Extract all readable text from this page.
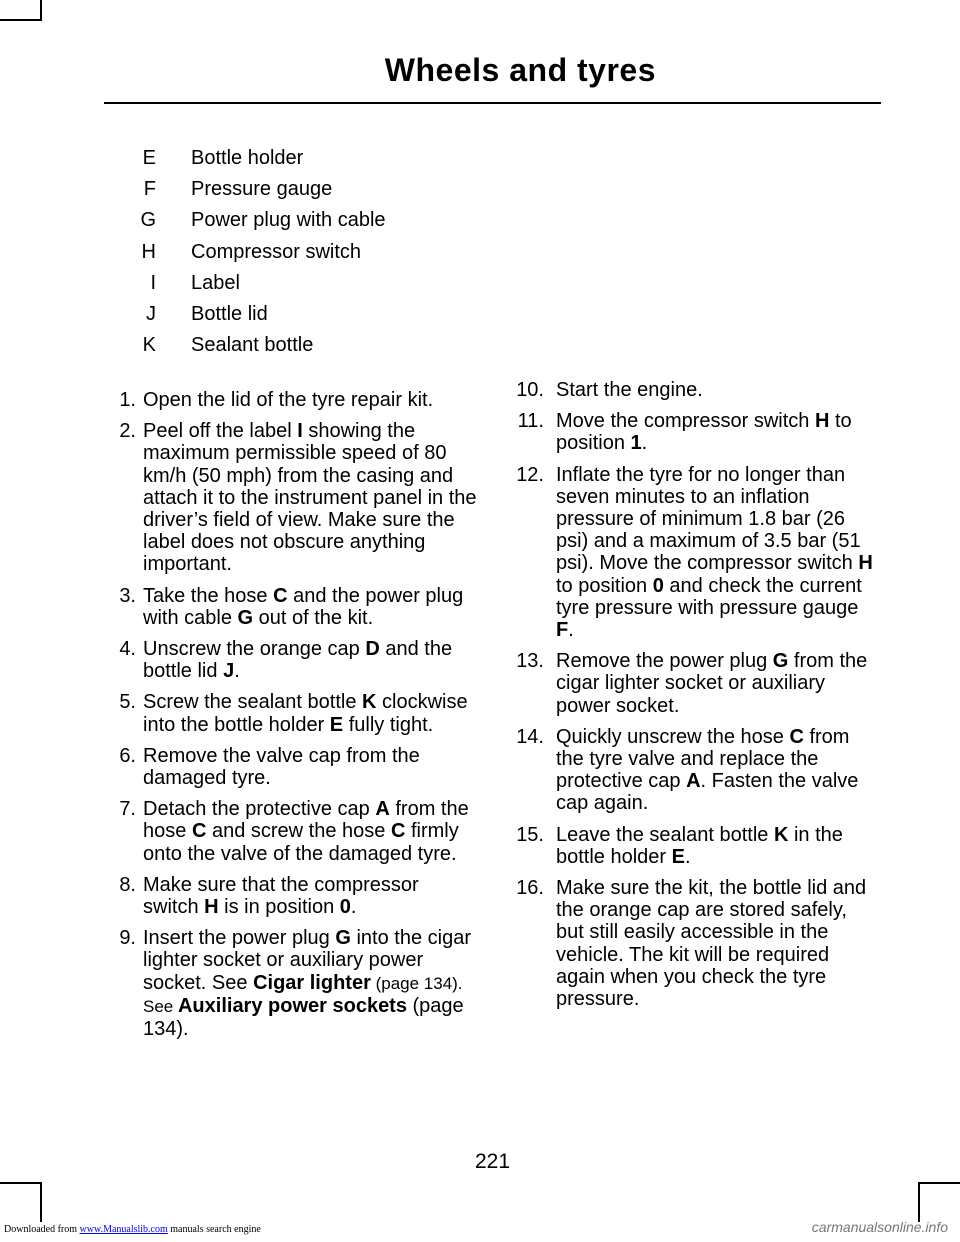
Wheels and tyres
E Bottle holder
F Pressure gauge
G Power plug with cable
H Compressor switch
I Label
J Bottle lid
K Sealant bottle
1. Open the lid of the tyre repair kit.
2. Peel off the label I showing the maximum permissible speed of 80 km/h (50 mph) from the casing and attach it to the instrument panel in the driver’s field of view. Make sure the label does not obscure anything important.
3. Take the hose C and the power plug with cable G out of the kit.
4. Unscrew the orange cap D and the bottle lid J.
5. Screw the sealant bottle K clockwise into the bottle holder E fully tight.
6. Remove the valve cap from the damaged tyre.
7. Detach the protective cap A from the hose C and screw the hose C firmly onto the valve of the damaged tyre.
8. Make sure that the compressor switch H is in position 0.
9. Insert the power plug G into the cigar lighter socket or auxiliary power socket. See Cigar lighter (page 134). See Auxiliary power sockets (page 134).
10. Start the engine.
11. Move the compressor switch H to position 1.
12. Inflate the tyre for no longer than seven minutes to an inflation pressure of minimum 1.8 bar (26 psi) and a maximum of 3.5 bar (51 psi). Move the compressor switch H to position 0 and check the current tyre pressure with pressure gauge F.
13. Remove the power plug G from the cigar lighter socket or auxiliary power socket.
14. Quickly unscrew the hose C from the tyre valve and replace the protective cap A. Fasten the valve cap again.
15. Leave the sealant bottle K in the bottle holder E.
16. Make sure the kit, the bottle lid and the orange cap are stored safely, but still easily accessible in the vehicle. The kit will be required again when you check the tyre pressure.
221
Downloaded from www.Manualslib.com manuals search engine	carmanualsonline.info
